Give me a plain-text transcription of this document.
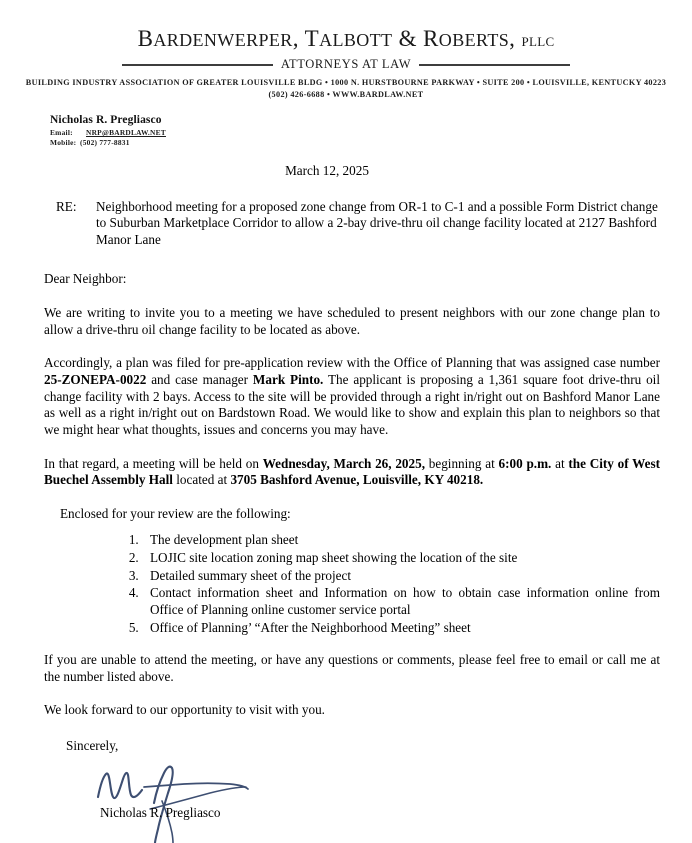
BARDENWERPER, TALBOTT & ROBERTS, PLLC
ATTORNEYS AT LAW
BUILDING INDUSTRY ASSOCIATION OF GREATER LOUISVILLE BLDG • 1000 N. HURSTBOURNE PARKWAY • SUITE 200 • LOUISVILLE, KENTUCKY 40223
(502) 426-6688 • WWW.BARDLAW.NET
Nicholas R. Pregliasco
Email: NRP@BARDLAW.NET
Mobile: (502) 777-8831
March 12, 2025
RE:	Neighborhood meeting for a proposed zone change from OR-1 to C-1 and a possible Form District change to Suburban Marketplace Corridor to allow a 2-bay drive-thru oil change facility located at 2127 Bashford Manor Lane
Dear Neighbor:

We are writing to invite you to a meeting we have scheduled to present neighbors with our zone change plan to allow a drive-thru oil change facility to be located as above.

Accordingly, a plan was filed for pre-application review with the Office of Planning that was assigned case number 25-ZONEPA-0022 and case manager Mark Pinto. The applicant is proposing a 1,361 square foot drive-thru oil change facility with 2 bays. Access to the site will be provided through a right in/right out on Bashford Manor Lane as well as a right in/right out on Bardstown Road. We would like to show and explain this plan to neighbors so that we might hear what thoughts, issues and concerns you may have.

In that regard, a meeting will be held on Wednesday, March 26, 2025, beginning at 6:00 p.m. at the City of West Buechel Assembly Hall located at 3705 Bashford Avenue, Louisville, KY 40218.

Enclosed for your review are the following:
1. The development plan sheet
2. LOJIC site location zoning map sheet showing the location of the site
3. Detailed summary sheet of the project
4. Contact information sheet and Information on how to obtain case information online from Office of Planning online customer service portal
5. Office of Planning’ “After the Neighborhood Meeting” sheet

If you are unable to attend the meeting, or have any questions or comments, please feel free to email or call me at the number listed above.

We look forward to our opportunity to visit with you.

Sincerely,
Nicholas R. Pregliasco
